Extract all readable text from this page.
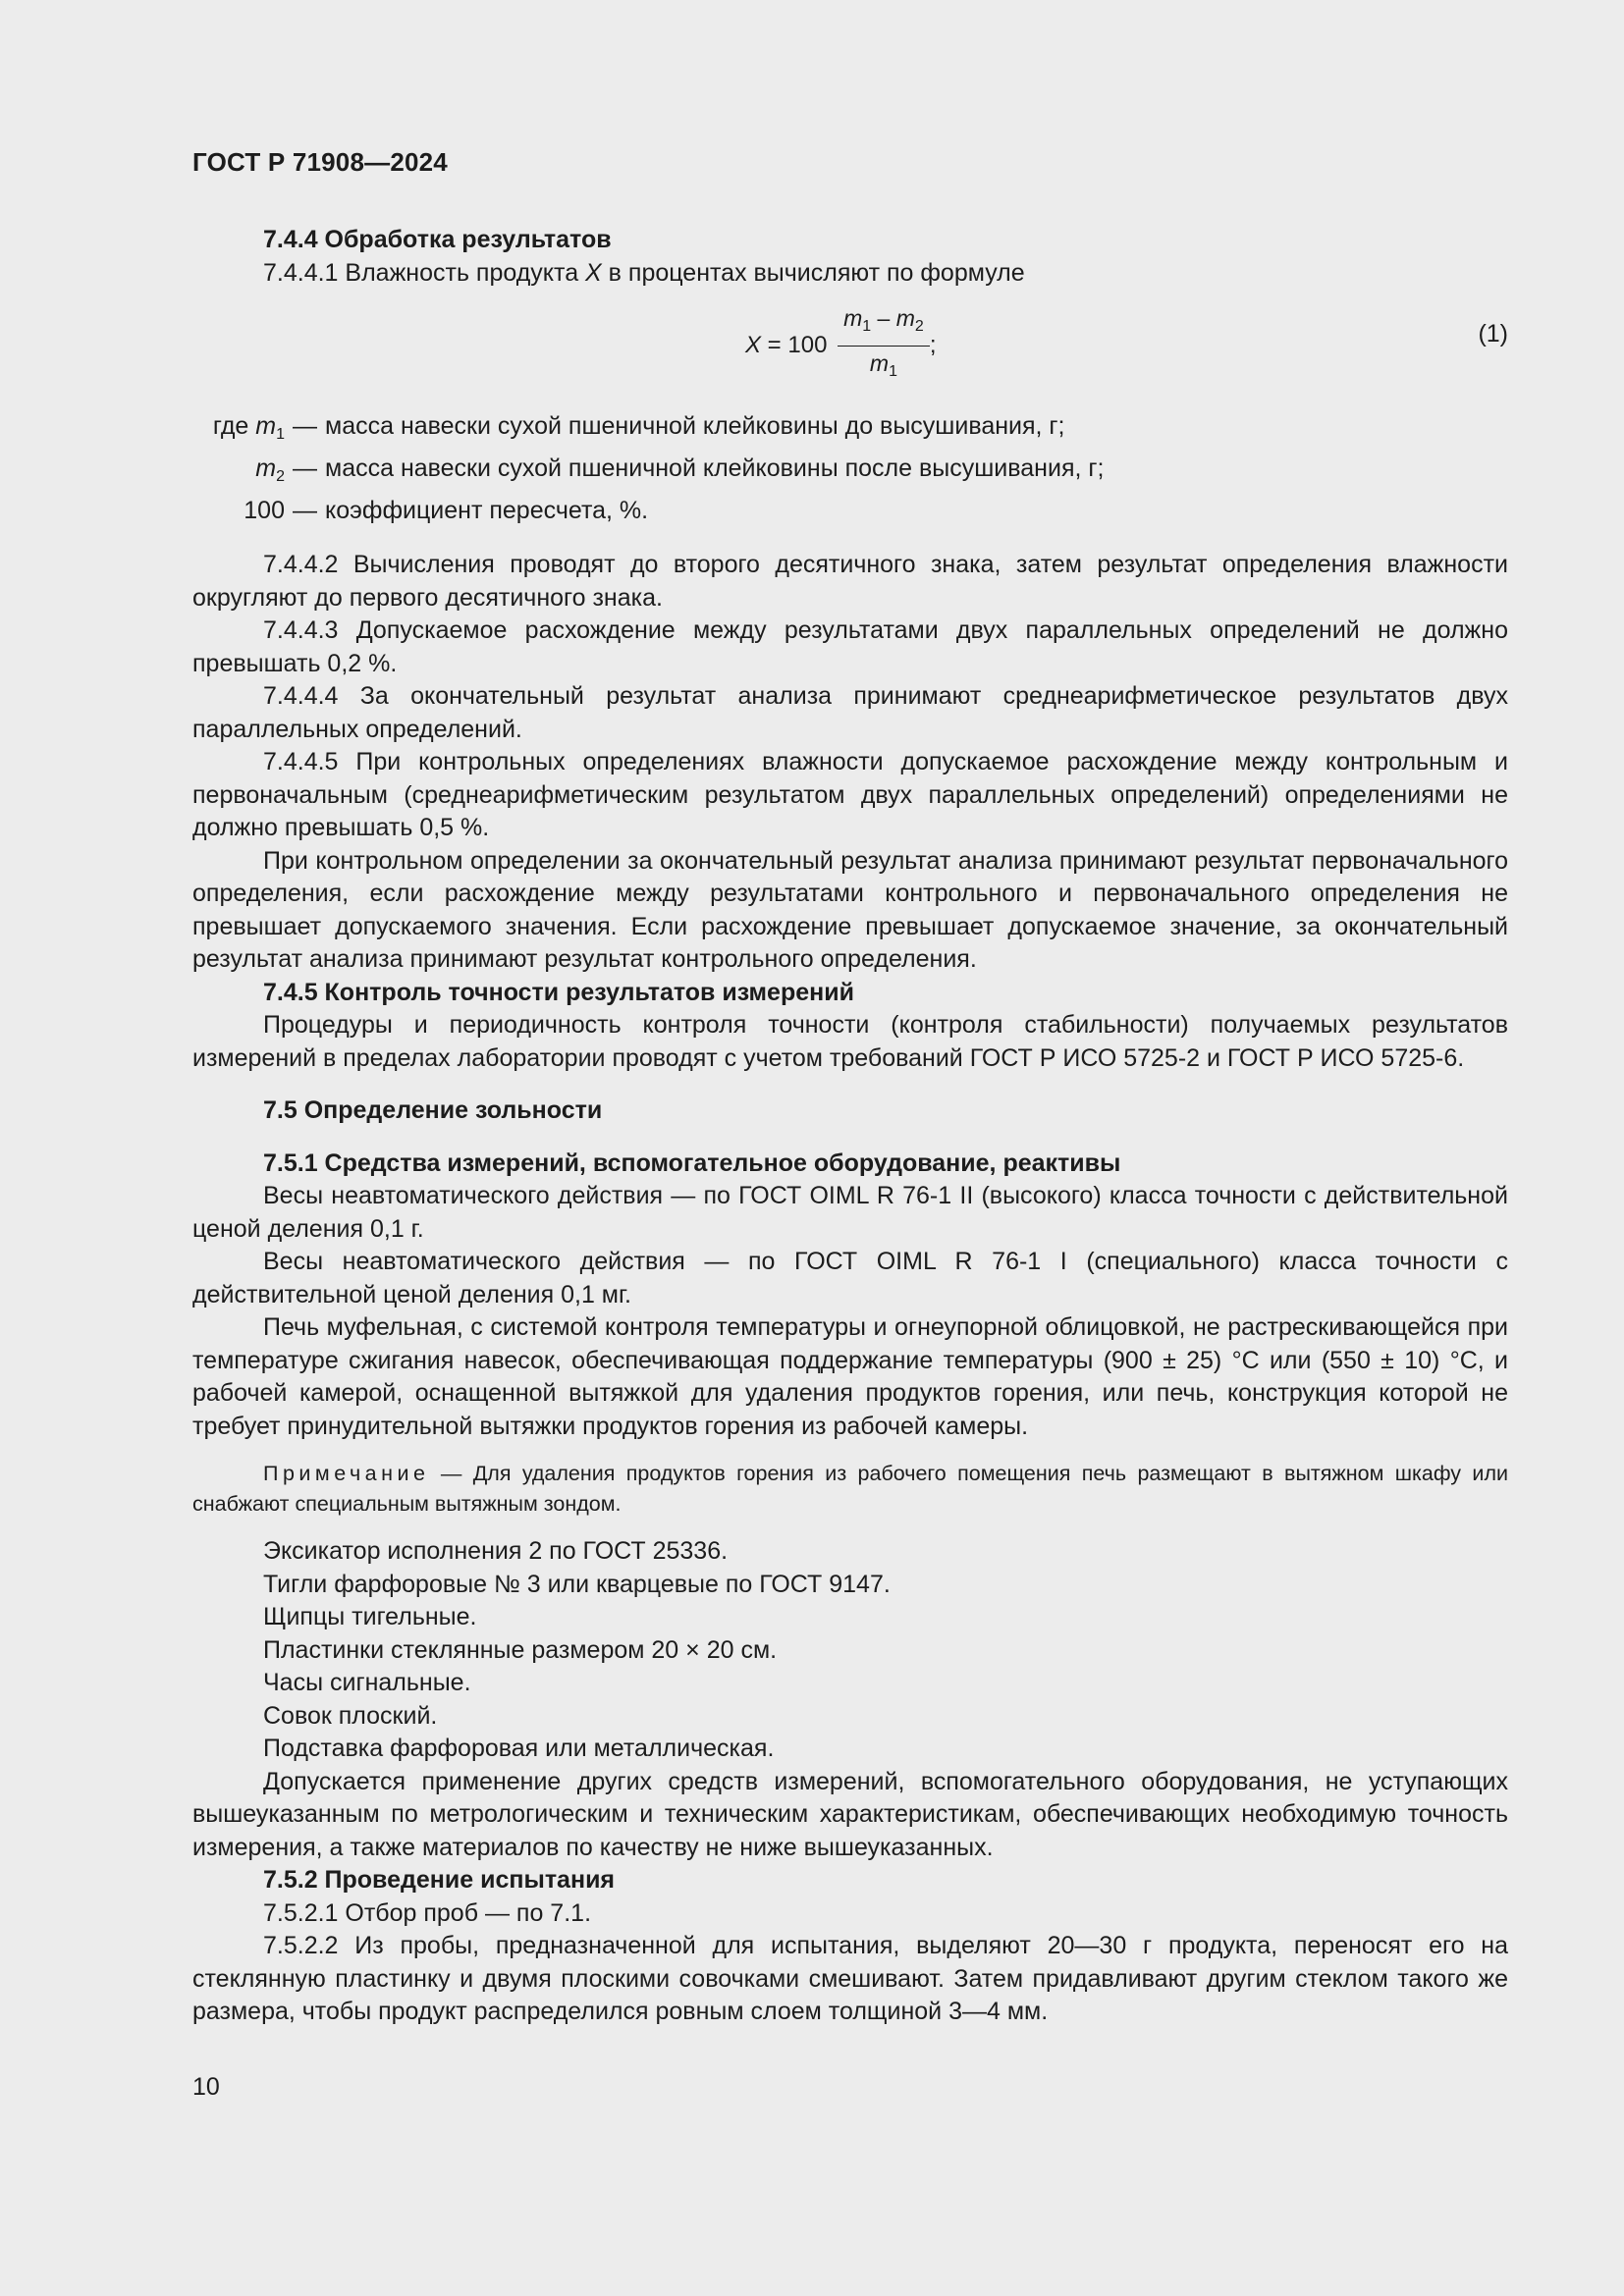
ГОСТ Р 71908—2024

7.4.4 Обработка результатов

7.4.4.1 Влажность продукта X в процентах вычисляют по формуле

$X = 100 \frac{m_1 - m_2}{m_1}$ ;	(1)
где $m_1$ — масса навески сухой пшеничной клейковины до высушивания, г;
$m_2$ — масса навески сухой пшеничной клейковины после высушивания, г;
100 — коэффициент пересчета, %.

7.4.4.2 Вычисления проводят до второго десятичного знака, затем результат определения влажности округляют до первого десятичного знака.

7.4.4.3 Допускаемое расхождение между результатами двух параллельных определений не должно превышать 0,2 %.

7.4.4.4 За окончательный результат анализа принимают среднеарифметическое результатов двух параллельных определений.

7.4.4.5 При контрольных определениях влажности допускаемое расхождение между контрольным и первоначальным (среднеарифметическим результатом двух параллельных определений) определениями не должно превышать 0,5 %.

При контрольном определении за окончательный результат анализа принимают результат первоначального определения, если расхождение между результатами контрольного и первоначального определения не превышает допускаемого значения. Если расхождение превышает допускаемое значение, за окончательный результат анализа принимают результат контрольного определения.

7.4.5 Контроль точности результатов измерений

Процедуры и периодичность контроля точности (контроля стабильности) получаемых результатов измерений в пределах лаборатории проводят с учетом требований ГОСТ Р ИСО 5725-2 и ГОСТ Р ИСО 5725-6.

7.5 Определение зольности

7.5.1 Средства измерений, вспомогательное оборудование, реактивы

Весы неавтоматического действия — по ГОСТ OIML R 76-1 II (высокого) класса точности с действительной ценой деления 0,1 г.

Весы неавтоматического действия — по ГОСТ OIML R 76-1 I (специального) класса точности с действительной ценой деления 0,1 мг.

Печь муфельная, с системой контроля температуры и огнеупорной облицовкой, не растрескивающейся при температуре сжигания навесок, обеспечивающая поддержание температуры (900 ± 25) °С или (550 ± 10) °С, и рабочей камерой, оснащенной вытяжкой для удаления продуктов горения, или печь, конструкция которой не требует принудительной вытяжки продуктов горения из рабочей камеры.

Примечание — Для удаления продуктов горения из рабочего помещения печь размещают в вытяжном шкафу или снабжают специальным вытяжным зондом.

Эксикатор исполнения 2 по ГОСТ 25336.

Тигли фарфоровые № 3 или кварцевые по ГОСТ 9147.

Щипцы тигельные.

Пластинки стеклянные размером 20 × 20 см.

Часы сигнальные.

Совок плоский.

Подставка фарфоровая или металлическая.

Допускается применение других средств измерений, вспомогательного оборудования, не уступающих вышеуказанным по метрологическим и техническим характеристикам, обеспечивающих необходимую точность измерения, а также материалов по качеству не ниже вышеуказанных.

7.5.2 Проведение испытания

7.5.2.1 Отбор проб — по 7.1.

7.5.2.2 Из пробы, предназначенной для испытания, выделяют 20—30 г продукта, переносят его на стеклянную пластинку и двумя плоскими совочками смешивают. Затем придавливают другим стеклом такого же размера, чтобы продукт распределился ровным слоем толщиной 3—4 мм.

10
